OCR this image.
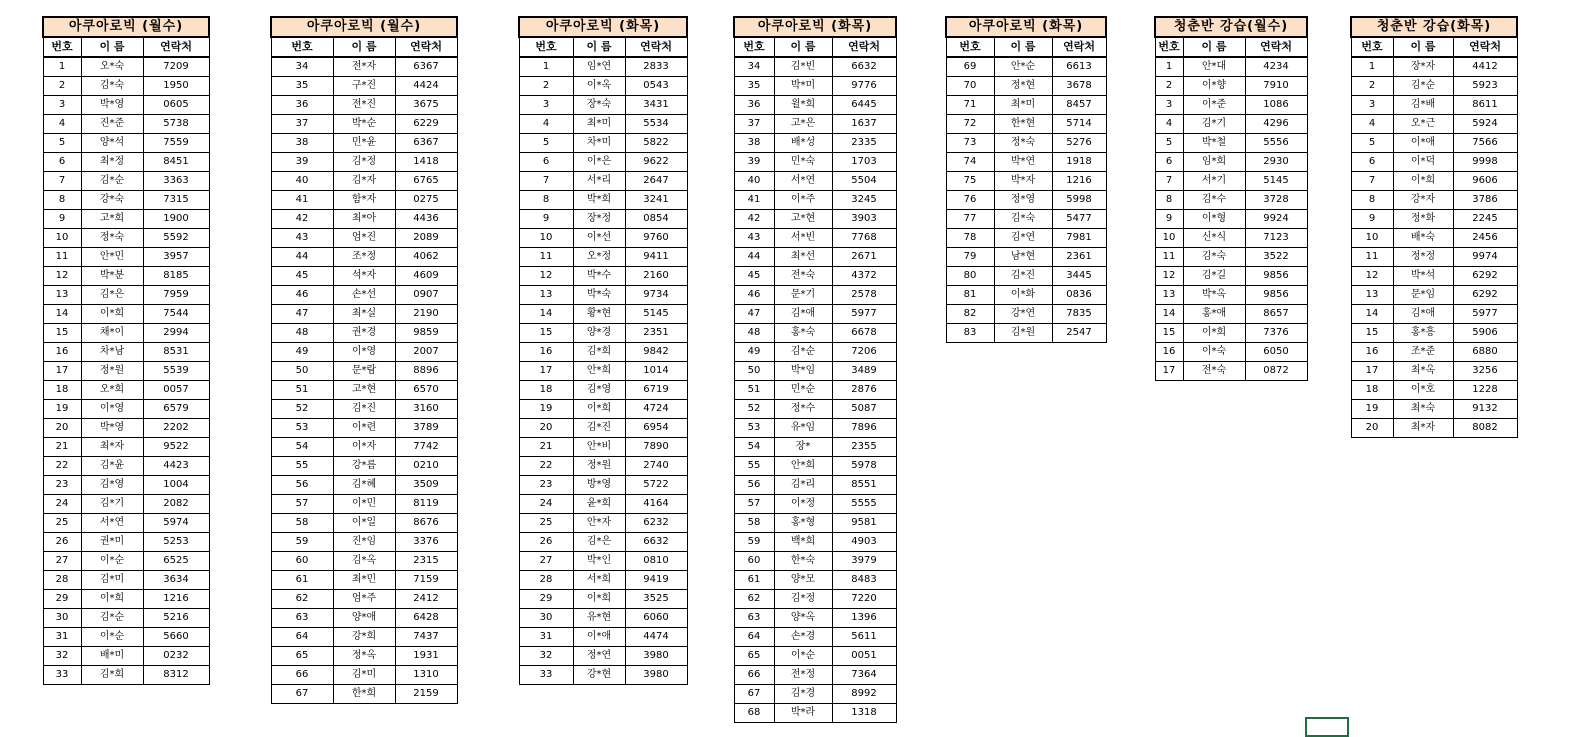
아쿠아로빅 (월수)		
번호	이 름	연락처
1	오*숙	7209
2	김*숙	1950
3	박*영	0605
4	진*준	5738
5	양*석	7559
6	최*정	8451
7	김*순	3363
8	강*숙	7315
9	고*희	1900
10	정*숙	5592
11	안*민	3957
12	박*분	8185
13	김*은	7959
14	이*희	7544
15	채*이	2994
16	차*남	8531
17	정*원	5539
18	오*희	0057
19	이*영	6579
20	박*영	2202
21	최*자	9522
22	김*윤	4423
23	김*영	1004
24	김*기	2082
25	서*연	5974
26	권*미	5253
27	이*순	6525
28	김*미	3634
29	이*희	1216
30	김*순	5216
31	이*순	5660
32	배*미	0232
33	김*희	8312
아쿠아로빅 (월수)		
번호	이 름	연락처
34	전*자	6367
35	구*진	4424
36	전*진	3675
37	박*순	6229
38	민*윤	6367
39	김*정	1418
40	김*자	6765
41	함*자	0275
42	최*아	4436
43	엄*진	2089
44	조*정	4062
45	석*자	4609
46	손*선	0907
47	최*실	2190
48	권*경	9859
49	이*영	2007
50	문*람	8896
51	고*현	6570
52	김*진	3160
53	이*련	3789
54	이*자	7742
55	강*름	0210
56	김*혜	3509
57	이*민	8119
58	이*일	8676
59	진*임	3376
60	김*옥	2315
61	최*민	7159
62	엄*주	2412
63	양*애	6428
64	강*희	7437
65	정*옥	1931
66	김*미	1310
67	한*희	2159
아쿠아로빅 (화목)		
번호	이 름	연락처
1	임*연	2833
2	이*옥	0543
3	장*숙	3431
4	최*미	5534
5	차*미	5822
6	이*은	9622
7	서*리	2647
8	박*희	3241
9	장*정	0854
10	이*선	9760
11	오*정	9411
12	박*수	2160
13	박*숙	9734
14	황*현	5145
15	양*경	2351
16	김*희	9842
17	안*희	1014
18	김*영	6719
19	이*희	4724
20	김*진	6954
21	안*비	7890
22	정*원	2740
23	방*영	5722
24	윤*희	4164
25	안*자	6232
26	김*은	6632
27	박*인	0810
28	서*희	9419
29	이*희	3525
30	유*현	6060
31	이*애	4474
32	정*연	3980
33	강*현	3980
아쿠아로빅 (화목)		
번호	이 름	연락처
34	김*빈	6632
35	박*미	9776
36	윌*희	6445
37	고*은	1637
38	배*성	2335
39	민*숙	1703
40	서*연	5504
41	이*주	3245
42	고*현	3903
43	서*빈	7768
44	최*선	2671
45	전*숙	4372
46	문*기	2578
47	김*애	5977
48	홍*숙	6678
49	김*순	7206
50	박*임	3489
51	민*순	2876
52	정*수	5087
53	유*임	7896
54	장*	2355
55	안*희	5978
56	김*리	8551
57	이*정	5555
58	홍*형	9581
59	백*희	4903
60	한*숙	3979
61	양*모	8483
62	김*정	7220
63	양*옥	1396
64	손*경	5611
65	이*순	0051
66	전*정	7364
67	김*경	8992
68	박*라	1318
아쿠아로빅 (화목)		
번호	이 름	연락처
69	안*순	6613
70	정*현	3678
71	최*미	8457
72	한*현	5714
73	정*숙	5276
74	박*연	1918
75	박*자	1216
76	정*영	5998
77	김*숙	5477
78	김*연	7981
79	남*현	2361
80	김*진	3445
81	이*화	0836
82	강*연	7835
83	김*원	2547
청춘반 강습(월수)		
번호	이 름	연락처
1	안*대	4234
2	이*향	7910
3	이*준	1086
4	김*기	4296
5	박*철	5556
6	임*희	2930
7	서*기	5145
8	김*수	3728
9	이*형	9924
10	신*식	7123
11	김*숙	3522
12	김*길	9856
13	박*옥	9856
14	홍*애	8657
15	이*희	7376
16	이*숙	6050
17	전*숙	0872
청춘반 강습(화목)		
번호	이 름	연락처
1	장*자	4412
2	김*순	5923
3	김*배	8611
4	오*근	5924
5	이*애	7566
6	이*덕	9998
7	이*희	9606
8	강*자	3786
9	정*화	2245
10	배*숙	2456
11	정*정	9974
12	박*석	6292
13	문*임	6292
14	김*애	5977
15	홍*흥	5906
16	조*준	6880
17	최*옥	3256
18	이*호	1228
19	최*숙	9132
20	최*자	8082
